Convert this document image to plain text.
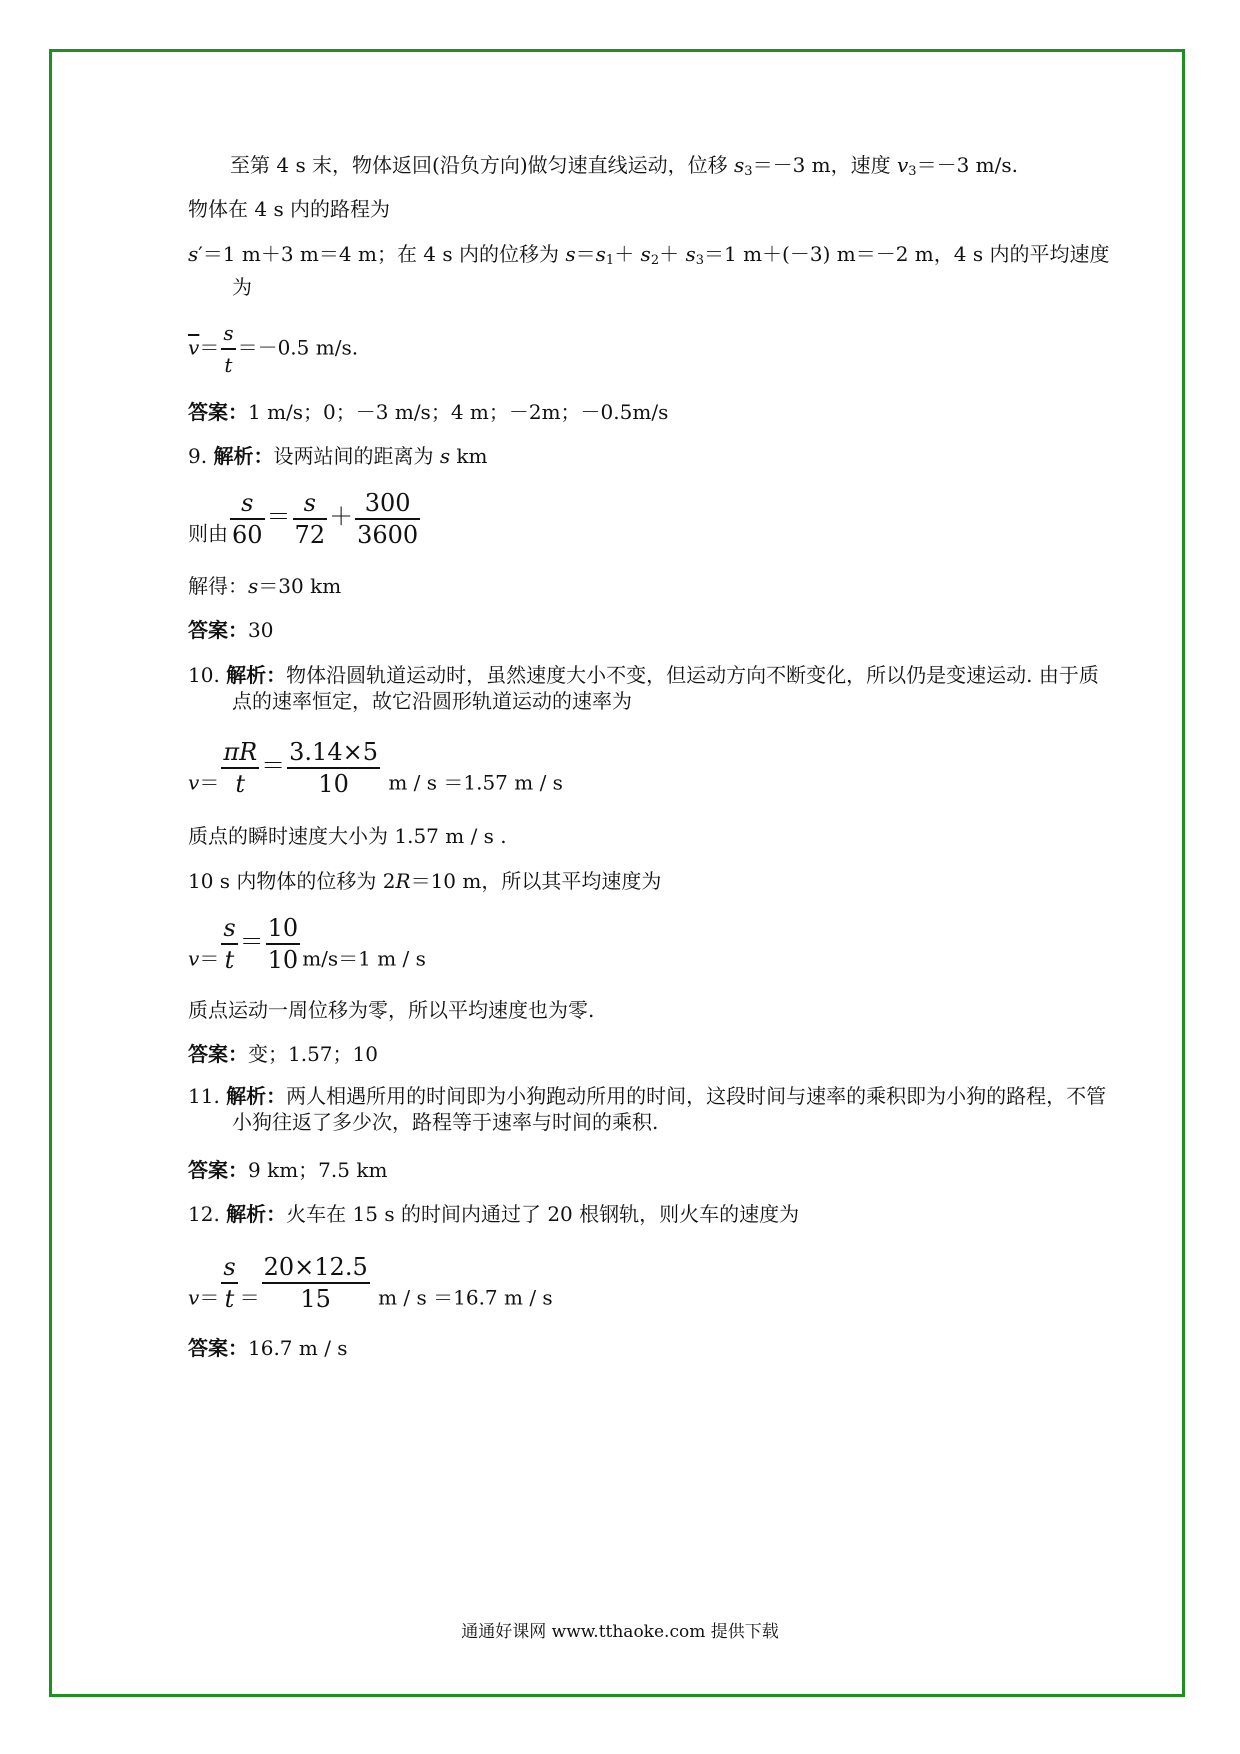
至第 4 s 末，物体返回(沿负方向)做匀速直线运动，位移 $s_3=-3$ m，速度 $v_3=-3$ m/s.
物体在 4 s 内的路程为
s′＝1 m＋3 m＝4 m；在 4 s 内的位移为 $s=s_1+ s_2+ s_3=1$ m＋(－3) m＝－2 m，4 s 内的平均速度为
$\overline{v}= \frac{s}{t} =-0.5$ m/s.
答案：1 m/s；0；－3 m/s；4 m；－2m；－0.5m/s
9. 解析：设两站间的距离为 s km
则由 $\frac{s}{60} = \frac{s}{72} + \frac{300}{3600}$
解得：s＝30 km
答案：30
10. 解析：物体沿圆轨道运动时，虽然速度大小不变，但运动方向不断变化，所以仍是变速运动. 由于质点的速率恒定，故它沿圆形轨道运动的速率为
$v= \frac{\pi R}{t} = \frac{3.14\times 5}{10}$ m / s ＝1.57 m / s
质点的瞬时速度大小为 1.57 m / s .
10 s 内物体的位移为 2R＝10 m，所以其平均速度为
$v= \frac{s}{t} = \frac{10}{10} m/s=1$ m / s
质点运动一周位移为零，所以平均速度也为零.
答案：变；1.57；10
11. 解析：两人相遇所用的时间即为小狗跑动所用的时间，这段时间与速率的乘积即为小狗的路程，不管小狗往返了多少次，路程等于速率与时间的乘积.
答案：9 km；7.5 km
12. 解析：火车在 15 s 的时间内通过了 20 根钢轨，则火车的速度为
$v= \frac{s}{t} = \frac{20\times 12.5}{15}$ m / s ＝16.7 m / s
答案：16.7 m / s
通通好课网 www.tthaoke.com 提供下载
